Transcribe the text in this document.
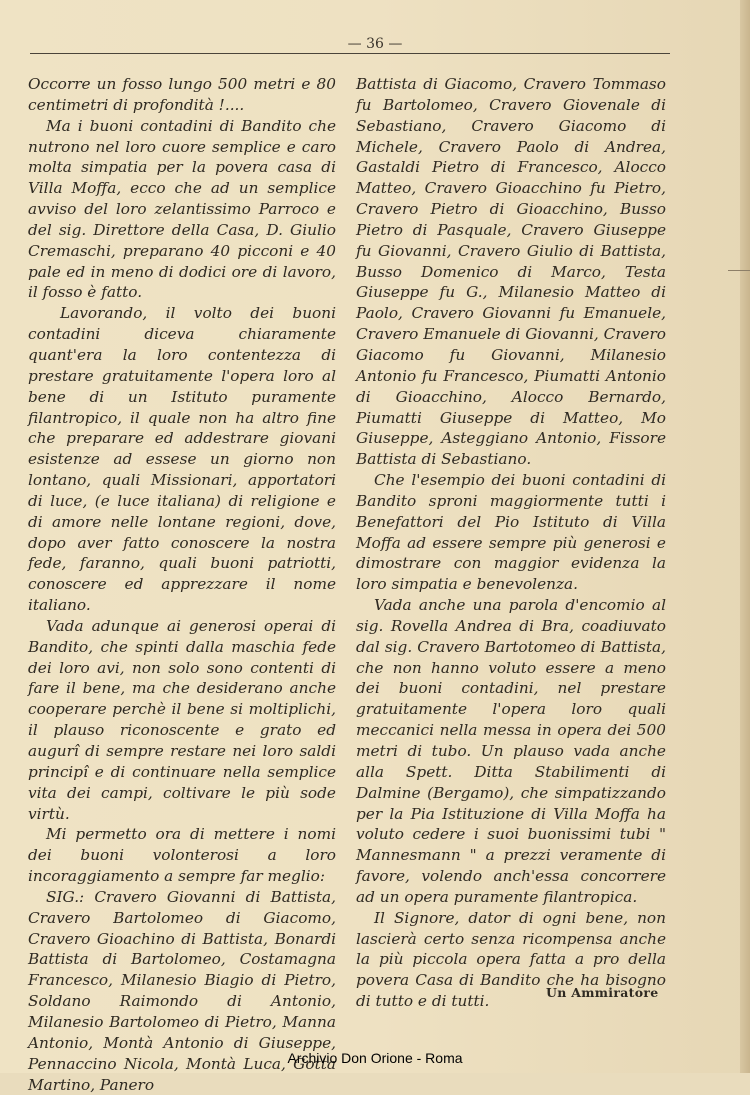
— 36 —

Occorre un fosso lungo 500 metri e 80 centimetri di profondità !....

Ma i buoni contadini di Bandito che nutrono nel loro cuore semplice e caro molta simpatia per la povera casa di Villa Moffa, ecco che ad un semplice avviso del loro zelantissimo Parroco e del sig. Direttore della Casa, D. Giulio Cremaschi, preparano 40 picconi e 40 pale ed in meno di dodici ore di lavoro, il fosso è fatto.

Lavorando, il volto dei buoni contadini diceva chiaramente quant'era la loro contentezza di prestare gratuitamente l'opera loro al bene di un Istituto puramente filantropico, il quale non ha altro fine che preparare ed addestrare giovani esistenze ad essese un giorno non lontano, quali Missionari, apportatori di luce, (e luce italiana) di religione e di amore nelle lontane regioni, dove, dopo aver fatto conoscere la nostra fede, faranno, quali buoni patriotti, conoscere ed apprezzare il nome italiano.

Vada adunque ai generosi operai di Bandito, che spinti dalla maschia fede dei loro avi, non solo sono contenti di fare il bene, ma che desiderano anche cooperare perchè il bene si moltiplichi, il plauso riconoscente e grato ed augurî di sempre restare nei loro saldi principî e di continuare nella semplice vita dei campi, coltivare le più sode virtù.

Mi permetto ora di mettere i nomi dei buoni volonterosi a loro incoraggiamento a sempre far meglio:

SIG.: Cravero Giovanni di Battista, Cravero Bartolomeo di Giacomo, Cravero Gioachino di Battista, Bonardi Battista di Bartolomeo, Costamagna Francesco, Milanesio Biagio di Pietro, Soldano Raimondo di Antonio, Milanesio Bartolomeo di Pietro, Manna Antonio, Montà Antonio di Giuseppe, Pennaccino Nicola, Montà Luca, Gotta Martino, Panero

Battista di Giacomo, Cravero Tommaso fu Bartolomeo, Cravero Giovenale di Sebastiano, Cravero Giacomo di Michele, Cravero Paolo di Andrea, Gastaldi Pietro di Francesco, Alocco Matteo, Cravero Gioacchino fu Pietro, Cravero Pietro di Gioacchino, Busso Pietro di Pasquale, Cravero Giuseppe fu Giovanni, Cravero Giulio di Battista, Busso Domenico di Marco, Testa Giuseppe fu G., Milanesio Matteo di Paolo, Cravero Giovanni fu Emanuele, Cravero Emanuele di Giovanni, Cravero Giacomo fu Giovanni, Milanesio Antonio fu Francesco, Piumatti Antonio di Gioacchino, Alocco Bernardo, Piumatti Giuseppe di Matteo, Mo Giuseppe, Asteggiano Antonio, Fissore Battista di Sebastiano.

Che l'esempio dei buoni contadini di Bandito sproni maggiormente tutti i Benefattori del Pio Istituto di Villa Moffa ad essere sempre più generosi e dimostrare con maggior evidenza la loro simpatia e benevolenza.

Vada anche una parola d'encomio al sig. Rovella Andrea di Bra, coadiuvato dal sig. Cravero Bartotomeo di Battista, che non hanno voluto essere a meno dei buoni contadini, nel prestare gratuitamente l'opera loro quali meccanici nella messa in opera dei 500 metri di tubo. Un plauso vada anche alla Spett. Ditta Stabilimenti di Dalmine (Bergamo), che simpatizzando per la Pia Istituzione di Villa Moffa ha voluto cedere i suoi buonissimi tubi " Mannesmann " a prezzi veramente di favore, volendo anch'essa concorrere ad un opera puramente filantropica.

Il Signore, dator di ogni bene, non lascierà certo senza ricompensa anche la più piccola opera fatta a pro della povera Casa di Bandito che ha bisogno di tutto e di tutti.	Un Ammiratore
Archivio Don Orione - Roma
